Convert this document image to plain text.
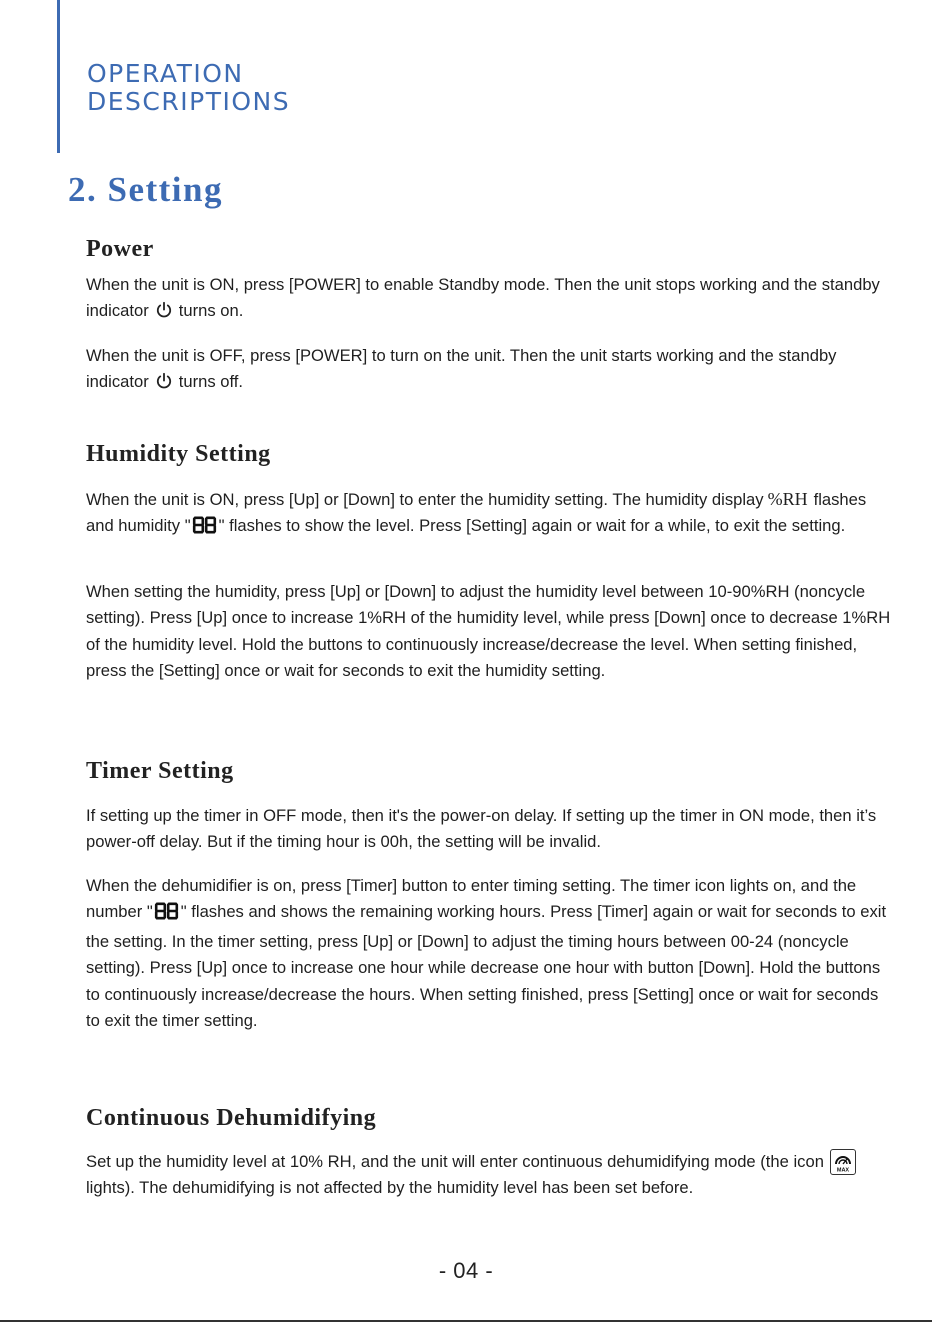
OPERATION
DESCRIPTIONS
2. Setting
Power

When the unit is ON, press [POWER] to enable Standby mode. Then the unit stops working and the standby indicator turns on.

When the unit is OFF, press [POWER] to turn on the unit. Then the unit starts working and the standby indicator turns off.

Humidity Setting

When the unit is ON, press [Up] or [Down] to enter the humidity setting. The humidity display %RH flashes and humidity " " flashes to show the level. Press [Setting] again or wait for a while, to exit the setting.

When setting the humidity, press [Up] or [Down] to adjust the humidity level between 10-90%RH (noncycle setting). Press [Up] once to increase 1%RH of the humidity level, while press [Down] once to decrease 1%RH of the humidity level. Hold the buttons to continuously increase/decrease the level. When setting finished, press the [Setting] once or wait for seconds to exit the humidity setting.

Timer Setting

If setting up the timer in OFF mode, then it's the power-on delay. If setting up the timer in ON mode, then it’s power-off delay. But if the timing hour is 00h, the setting will be invalid.

When the dehumidifier is on, press [Timer] button to enter timing setting. The timer icon lights on, and the number " " flashes and shows the remaining working hours. Press [Timer] again or wait for seconds to exit the setting. In the timer setting, press [Up] or [Down] to adjust the timing hours between 00-24 (noncycle setting). Press [Up] once to increase one hour while decrease one hour with button [Down]. Hold the buttons to continuously increase/decrease the hours. When setting finished, press [Setting] once or wait for seconds to exit the timer setting.

Continuous Dehumidifying

Set up the humidity level at 10% RH, and the unit will enter continuous dehumidifying mode (the icon MAX
lights). The dehumidifying is not affected by the humidity level has been set before.

- 04 -
